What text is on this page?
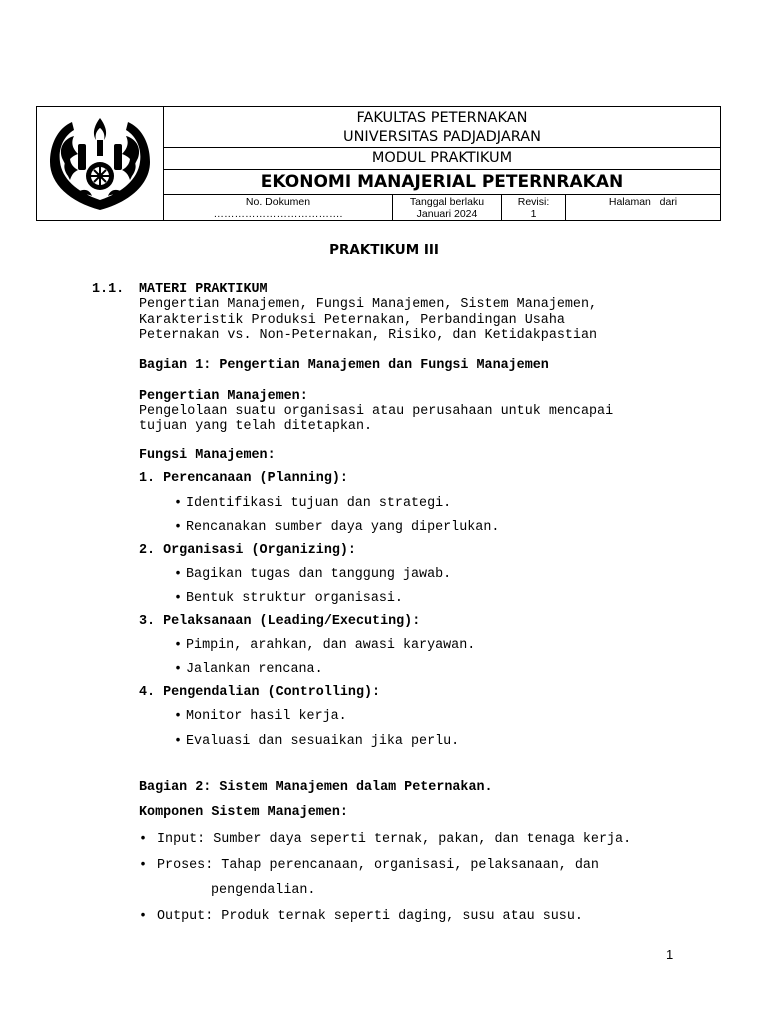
FAKULTAS PETERNAKAN
UNIVERSITAS PADJADJARAN
MODUL PRAKTIKUM
EKONOMI MANAJERIAL PETERNRAKAN
No. Dokumen
……………………………….
Tanggal berlaku
Januari 2024
Revisi:
1
Halaman   dari
PRAKTIKUM III
1.1. MATERI PRAKTIKUM
Pengertian Manajemen, Fungsi Manajemen, Sistem Manajemen,
Karakteristik Produksi Peternakan, Perbandingan Usaha
Peternakan vs. Non-Peternakan, Risiko, dan Ketidakpastian
Bagian 1: Pengertian Manajemen dan Fungsi Manajemen
Pengertian Manajemen:
Pengelolaan suatu organisasi atau perusahaan untuk mencapai
tujuan yang telah ditetapkan.
Fungsi Manajemen:
1. Perencanaan (Planning):
• Identifikasi tujuan dan strategi.
• Rencanakan sumber daya yang diperlukan.
2. Organisasi (Organizing):
• Bagikan tugas dan tanggung jawab.
• Bentuk struktur organisasi.
3. Pelaksanaan (Leading/Executing):
• Pimpin, arahkan, dan awasi karyawan.
• Jalankan rencana.
4. Pengendalian (Controlling):
• Monitor hasil kerja.
• Evaluasi dan sesuaikan jika perlu.
Bagian 2: Sistem Manajemen dalam Peternakan.
Komponen Sistem Manajemen:
• Input: Sumber daya seperti ternak, pakan, dan tenaga kerja.
• Proses: Tahap perencanaan, organisasi, pelaksanaan, dan
pengendalian.
• Output: Produk ternak seperti daging, susu atau susu.
1
